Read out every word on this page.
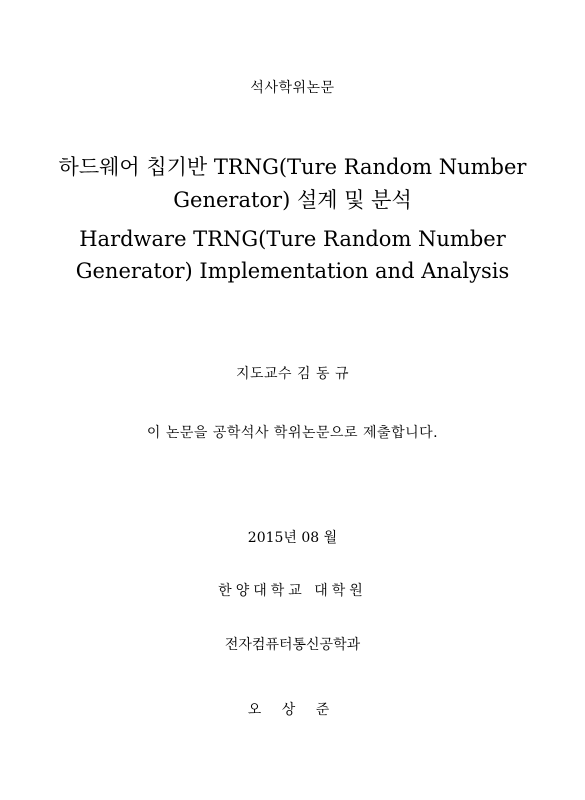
석사학위논문
하드웨어 칩기반 TRNG(Ture Random Number
Generator) 설계 및 분석
Hardware TRNG(Ture Random Number
Generator) Implementation and Analysis
지도교수 김 동 규
이 논문을 공학석사 학위논문으로 제출합니다.
2015년 08 월
한양대학교 대학원
전자컴퓨터통신공학과
오 상 준
